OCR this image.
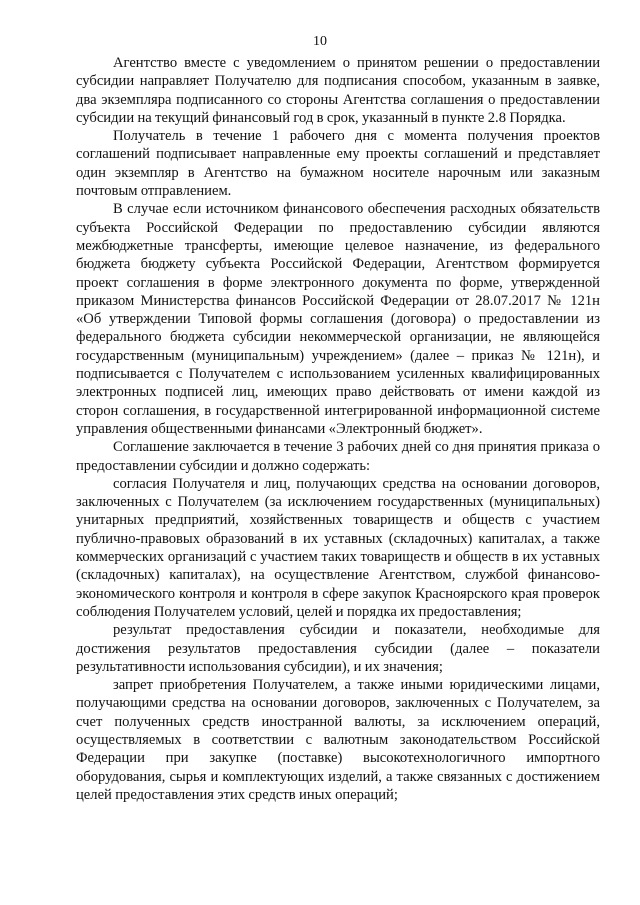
10

Агентство вместе с уведомлением о принятом решении о предоставлении субсидии направляет Получателю для подписания способом, указанным в заявке, два экземпляра подписанного со стороны Агентства соглашения о предоставлении субсидии на текущий финансовый год в срок, указанный в пункте 2.8 Порядка.

Получатель в течение 1 рабочего дня с момента получения проектов соглашений подписывает направленные ему проекты соглашений и представляет один экземпляр в Агентство на бумажном носителе нарочным или заказным почтовым отправлением.

В случае если источником финансового обеспечения расходных обязательств субъекта Российской Федерации по предоставлению субсидии являются межбюджетные трансферты, имеющие целевое назначение, из федерального бюджета бюджету субъекта Российской Федерации, Агентством формируется проект соглашения в форме электронного документа по форме, утвержденной приказом Министерства финансов Российской Федерации от 28.07.2017 № 121н «Об утверждении Типовой формы соглашения (договора) о предоставлении из федерального бюджета субсидии некоммерческой организации, не являющейся государственным (муниципальным) учреждением» (далее – приказ № 121н), и подписывается с Получателем с использованием усиленных квалифицированных электронных подписей лиц, имеющих право действовать от имени каждой из сторон соглашения, в государственной интегрированной информационной системе управления общественными финансами «Электронный бюджет».

Соглашение заключается в течение 3 рабочих дней со дня принятия приказа о предоставлении субсидии и должно содержать:

согласия Получателя и лиц, получающих средства на основании договоров, заключенных с Получателем (за исключением государственных (муниципальных) унитарных предприятий, хозяйственных товариществ и обществ с участием публично-правовых образований в их уставных (складочных) капиталах, а также коммерческих организаций с участием таких товариществ и обществ в их уставных (складочных) капиталах), на осуществление Агентством, службой финансово-экономического контроля и контроля в сфере закупок Красноярского края проверок соблюдения Получателем условий, целей и порядка их предоставления;

результат предоставления субсидии и показатели, необходимые для достижения результатов предоставления субсидии (далее – показатели результативности использования субсидии), и их значения;

запрет приобретения Получателем, а также иными юридическими лицами, получающими средства на основании договоров, заключенных с Получателем, за счет полученных средств иностранной валюты, за исключением операций, осуществляемых в соответствии с валютным законодательством Российской Федерации при закупке (поставке) высокотехнологичного импортного оборудования, сырья и комплектующих изделий, а также связанных с достижением целей предоставления этих средств иных операций;
